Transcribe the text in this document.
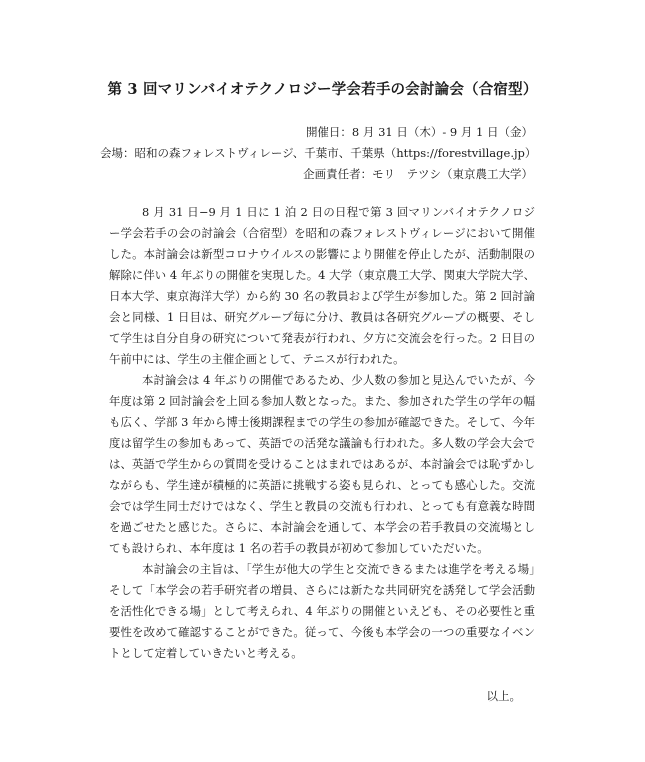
第 3 回マリンバイオテクノロジー学会若手の会討論会（合宿型）
開催日：8 月 31 日（木）- 9 月 1 日（金）
会場：昭和の森フォレストヴィレージ、千葉市、千葉県（https://forestvillage.jp）
企画責任者：モリ　テツシ（東京農工大学）

8 月 31 日−9 月 1 日に 1 泊 2 日の日程で第 3 回マリンバイオテクノロジー学会若手の会の討論会（合宿型）を昭和の森フォレストヴィレージにおいて開催した。本討論会は新型コロナウイルスの影響により開催を停止したが、活動制限の解除に伴い 4 年ぶりの開催を実現した。4 大学（東京農工大学、関東大学院大学、日本大学、東京海洋大学）から約 30 名の教員および学生が参加した。第 2 回討論会と同様、1 日目は、研究グループ毎に分け、教員は各研究グループの概要、そして学生は自分自身の研究について発表が行われ、夕方に交流会を行った。2 日目の午前中には、学生の主催企画として、テニスが行われた。

本討論会は 4 年ぶりの開催であるため、少人数の参加と見込んでいたが、今年度は第 2 回討論会を上回る参加人数となった。また、参加された学生の学年の幅も広く、学部 3 年から博士後期課程までの学生の参加が確認できた。そして、今年度は留学生の参加もあって、英語での活発な議論も行われた。多人数の学会大会では、英語で学生からの質問を受けることはまれではあるが、本討論会では恥ずかしながらも、学生達が積極的に英語に挑戦する姿も見られ、とっても感心した。交流会では学生同士だけではなく、学生と教員の交流も行われ、とっても有意義な時間を過ごせたと感じた。さらに、本討論会を通して、本学会の若手教員の交流場としても設けられ、本年度は 1 名の若手の教員が初めて参加していただいた。

本討論会の主旨は、「学生が他大の学生と交流できるまたは進学を考える場」そして「本学会の若手研究者の増員、さらには新たな共同研究を誘発して学会活動を活性化できる場」として考えられ、4 年ぶりの開催といえども、その必要性と重要性を改めて確認することができた。従って、今後も本学会の一つの重要なイベントとして定着していきたいと考える。

以上。
